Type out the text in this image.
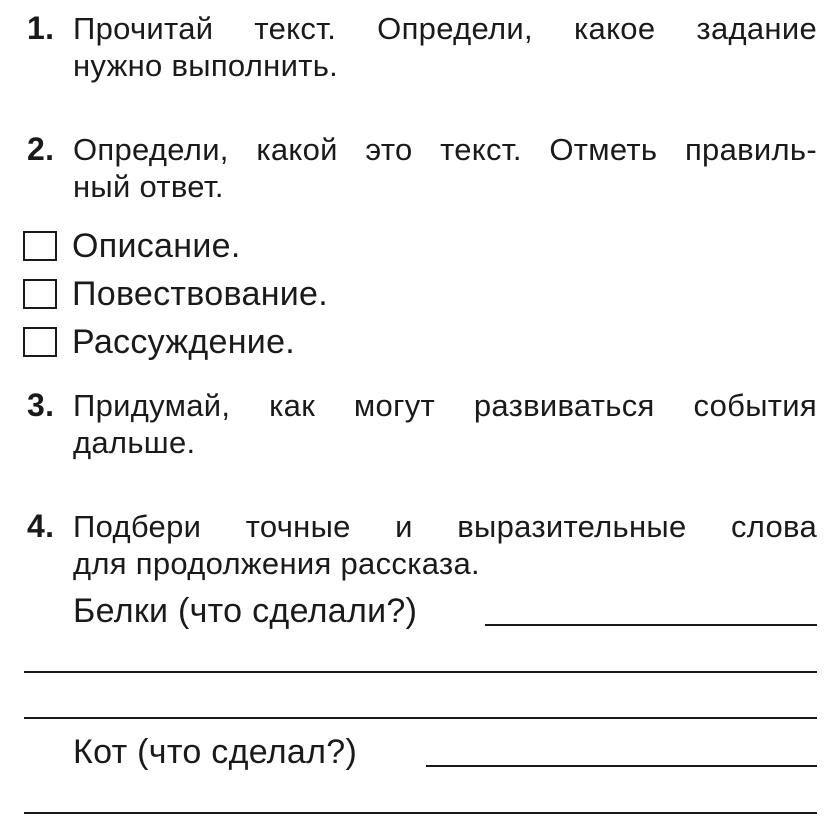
1. Прочитай текст. Определи, какое задание
нужно выполнить.
2. Определи, какой это текст. Отметь правиль-
ный ответ.
Описание.
Повествование.
Рассуждение.
3. Придумай, как могут развиваться события
дальше.
4. Подбери точные и выразительные слова
для продолжения рассказа.
Белки (что сделали?)
Кот (что сделал?)
